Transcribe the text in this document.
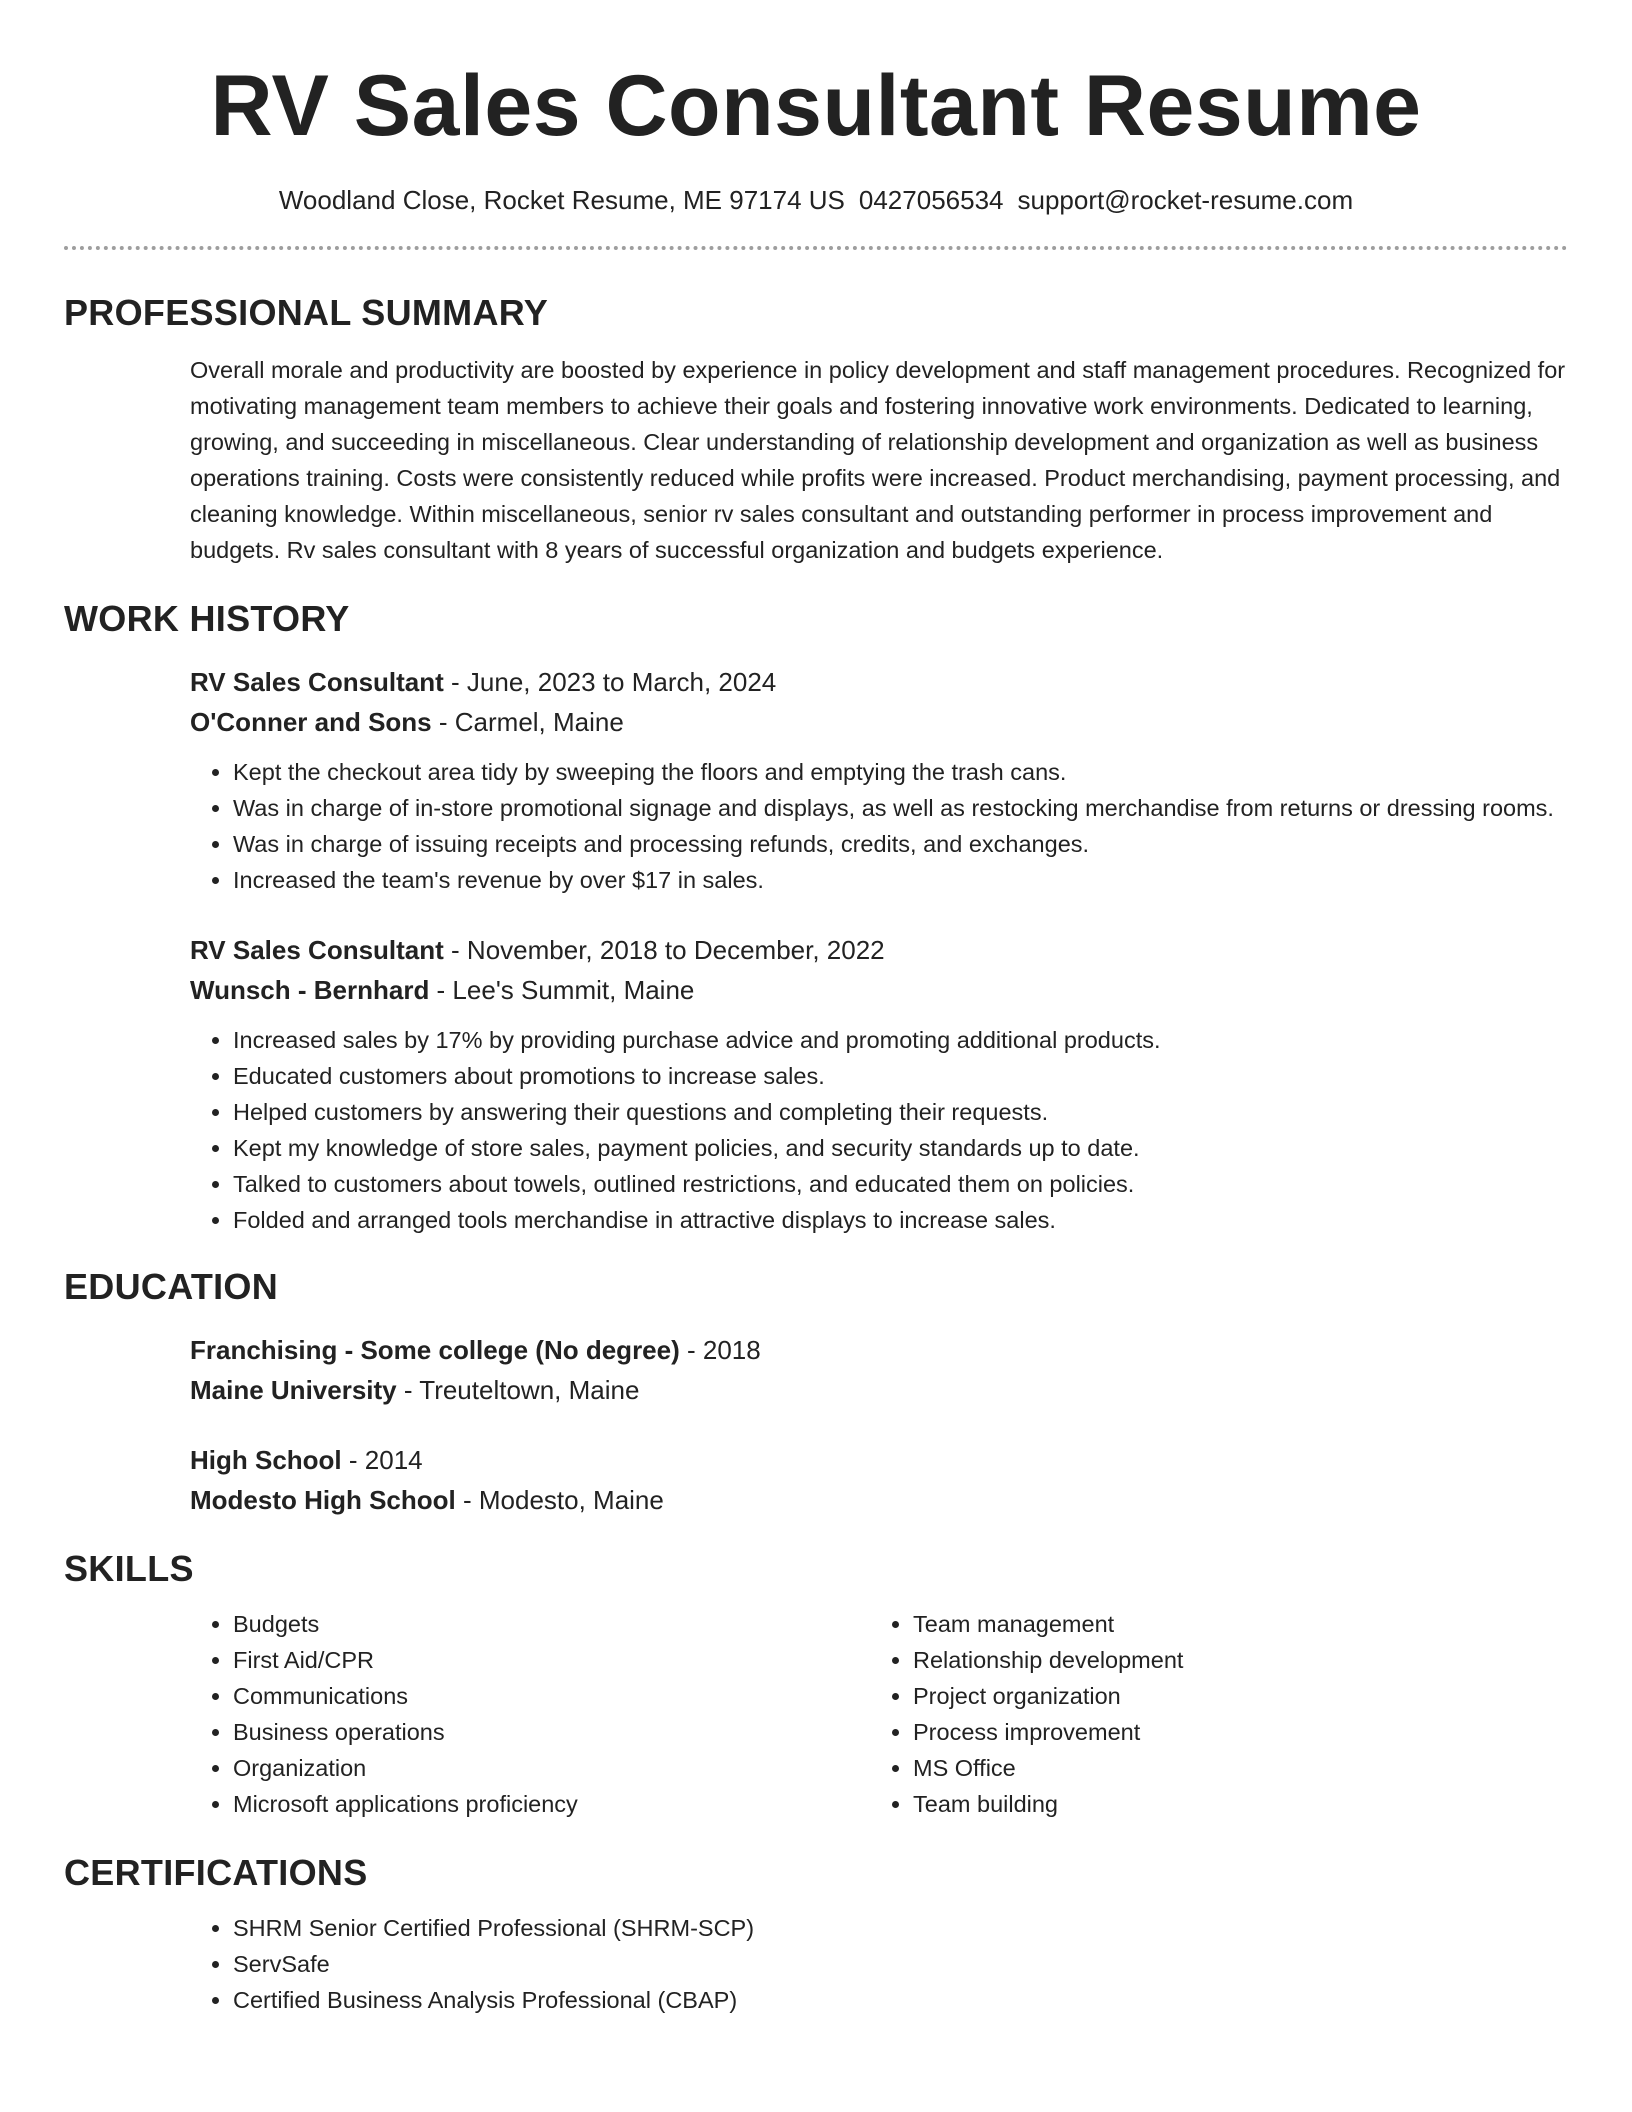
RV Sales Consultant Resume
Woodland Close, Rocket Resume, ME 97174 US 0427056534 support@rocket-resume.com
PROFESSIONAL SUMMARY

Overall morale and productivity are boosted by experience in policy development and staff management procedures. Recognized for motivating management team members to achieve their goals and fostering innovative work environments. Dedicated to learning, growing, and succeeding in miscellaneous. Clear understanding of relationship development and organization as well as business operations training. Costs were consistently reduced while profits were increased. Product merchandising, payment processing, and cleaning knowledge. Within miscellaneous, senior rv sales consultant and outstanding performer in process improvement and budgets. Rv sales consultant with 8 years of successful organization and budgets experience.

WORK HISTORY

RV Sales Consultant - June, 2023 to March, 2024

O'Conner and Sons - Carmel, Maine

• Kept the checkout area tidy by sweeping the floors and emptying the trash cans.
• Was in charge of in-store promotional signage and displays, as well as restocking merchandise from returns or dressing rooms.
• Was in charge of issuing receipts and processing refunds, credits, and exchanges.
• Increased the team's revenue by over $17 in sales.

RV Sales Consultant - November, 2018 to December, 2022

Wunsch - Bernhard - Lee's Summit, Maine

• Increased sales by 17% by providing purchase advice and promoting additional products.
• Educated customers about promotions to increase sales.
• Helped customers by answering their questions and completing their requests.
• Kept my knowledge of store sales, payment policies, and security standards up to date.
• Talked to customers about towels, outlined restrictions, and educated them on policies.
• Folded and arranged tools merchandise in attractive displays to increase sales.
EDUCATION

Franchising - Some college (No degree) - 2018

Maine University - Treuteltown, Maine

High School - 2014

Modesto High School - Modesto, Maine

SKILLS
• Budgets
• First Aid/CPR
• Communications
• Business operations
• Organization
• Microsoft applications proficiency
• Team management
• Relationship development
• Project organization
• Process improvement
• MS Office
• Team building
CERTIFICATIONS
• SHRM Senior Certified Professional (SHRM-SCP)
• ServSafe
• Certified Business Analysis Professional (CBAP)
